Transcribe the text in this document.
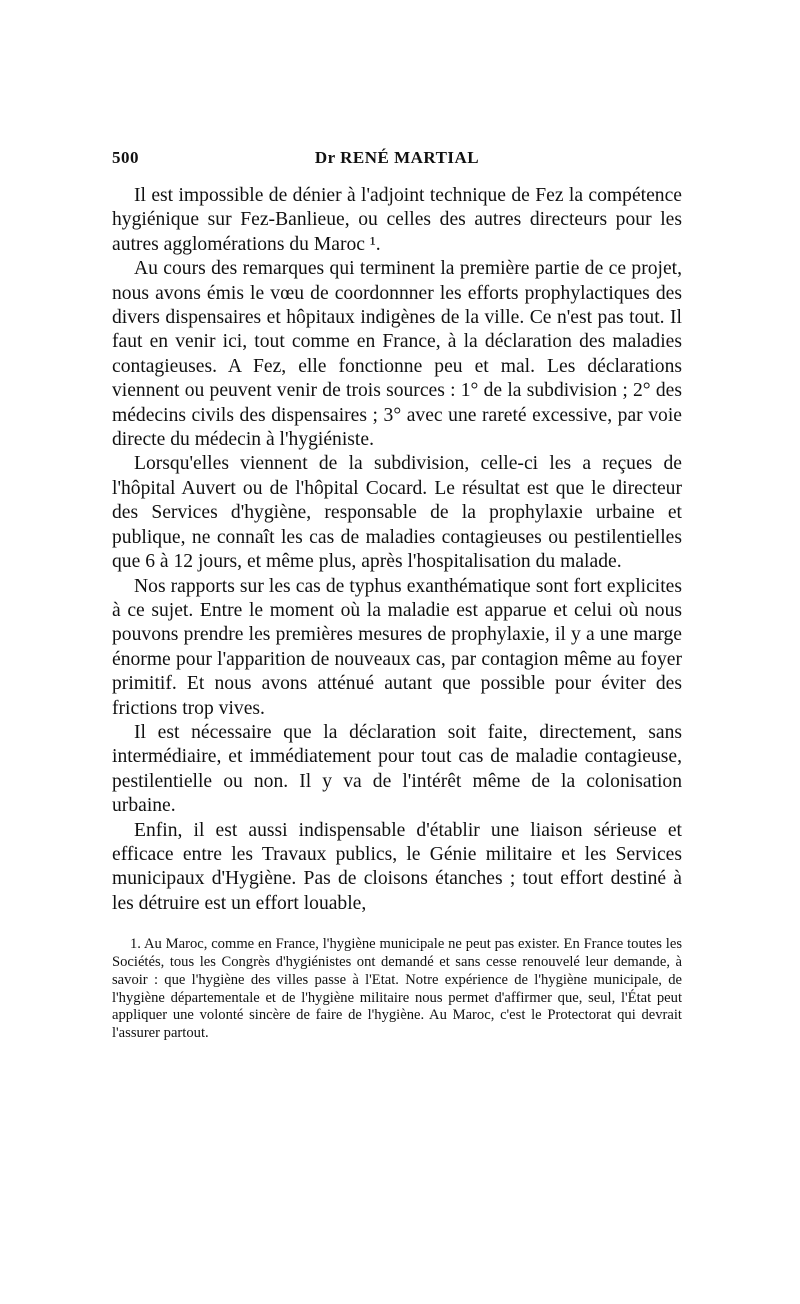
500	Dr RENÉ MARTIAL

Il est impossible de dénier à l'adjoint technique de Fez la compétence hygiénique sur Fez-Banlieue, ou celles des autres directeurs pour les autres agglomérations du Maroc ¹.

Au cours des remarques qui terminent la première partie de ce projet, nous avons émis le vœu de coordonnner les efforts prophylactiques des divers dispensaires et hôpitaux indigènes de la ville. Ce n'est pas tout. Il faut en venir ici, tout comme en France, à la déclaration des maladies contagieuses. A Fez, elle fonctionne peu et mal. Les déclarations viennent ou peuvent venir de trois sources : 1° de la subdivision ; 2° des médecins civils des dispensaires ; 3° avec une rareté excessive, par voie directe du médecin à l'hygiéniste.

Lorsqu'elles viennent de la subdivision, celle-ci les a reçues de l'hôpital Auvert ou de l'hôpital Cocard. Le résultat est que le directeur des Services d'hygiène, responsable de la prophylaxie urbaine et publique, ne connaît les cas de maladies contagieuses ou pestilentielles que 6 à 12 jours, et même plus, après l'hospitalisation du malade.

Nos rapports sur les cas de typhus exanthématique sont fort explicites à ce sujet. Entre le moment où la maladie est apparue et celui où nous pouvons prendre les premières mesures de prophylaxie, il y a une marge énorme pour l'apparition de nouveaux cas, par contagion même au foyer primitif. Et nous avons atténué autant que possible pour éviter des frictions trop vives.

Il est nécessaire que la déclaration soit faite, directement, sans intermédiaire, et immédiatement pour tout cas de maladie contagieuse, pestilentielle ou non. Il y va de l'intérêt même de la colonisation urbaine.

Enfin, il est aussi indispensable d'établir une liaison sérieuse et efficace entre les Travaux publics, le Génie militaire et les Services municipaux d'Hygiène. Pas de cloisons étanches ; tout effort destiné à les détruire est un effort louable,

1. Au Maroc, comme en France, l'hygiène municipale ne peut pas exister. En France toutes les Sociétés, tous les Congrès d'hygiénistes ont demandé et sans cesse renouvelé leur demande, à savoir : que l'hygiène des villes passe à l'Etat. Notre expérience de l'hygiène municipale, de l'hygiène départementale et de l'hygiène militaire nous permet d'affirmer que, seul, l'État peut appliquer une volonté sincère de faire de l'hygiène. Au Maroc, c'est le Protectorat qui devrait l'assurer partout.
